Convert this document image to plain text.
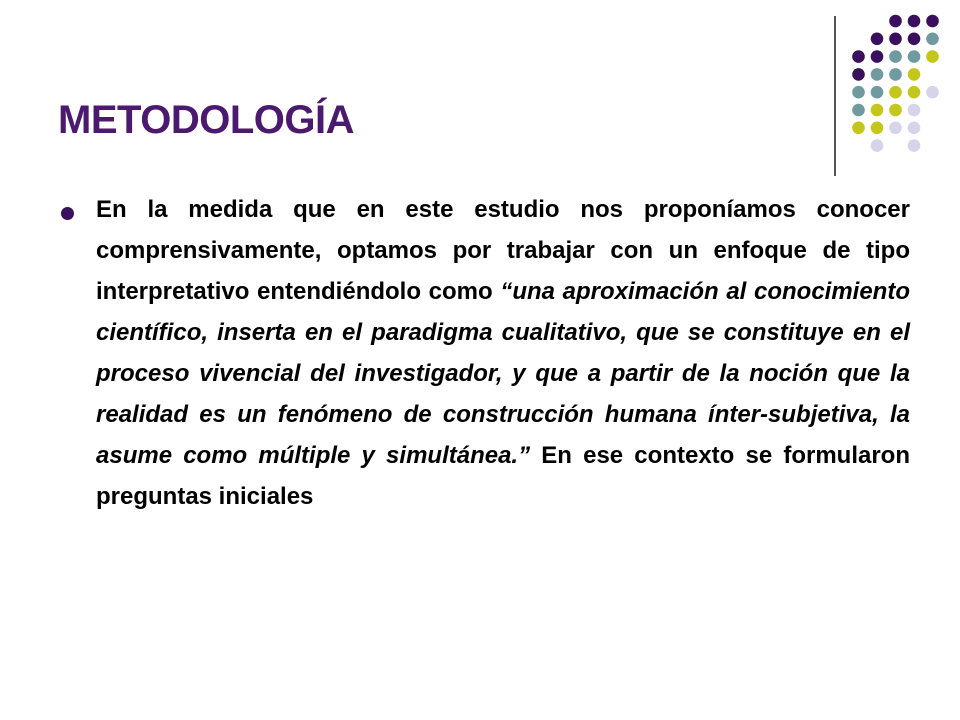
METODOLOGÍA

En la medida que en este estudio nos proponíamos conocer comprensivamente, optamos por trabajar con un enfoque de tipo interpretativo entendiéndolo como “una aproximación al conocimiento científico, inserta en el paradigma cualitativo, que se constituye en el proceso vivencial del investigador, y que a partir de la noción que la realidad es un fenómeno de construcción humana ínter-subjetiva, la asume como múltiple y simultánea.” En ese contexto se formularon preguntas iniciales
